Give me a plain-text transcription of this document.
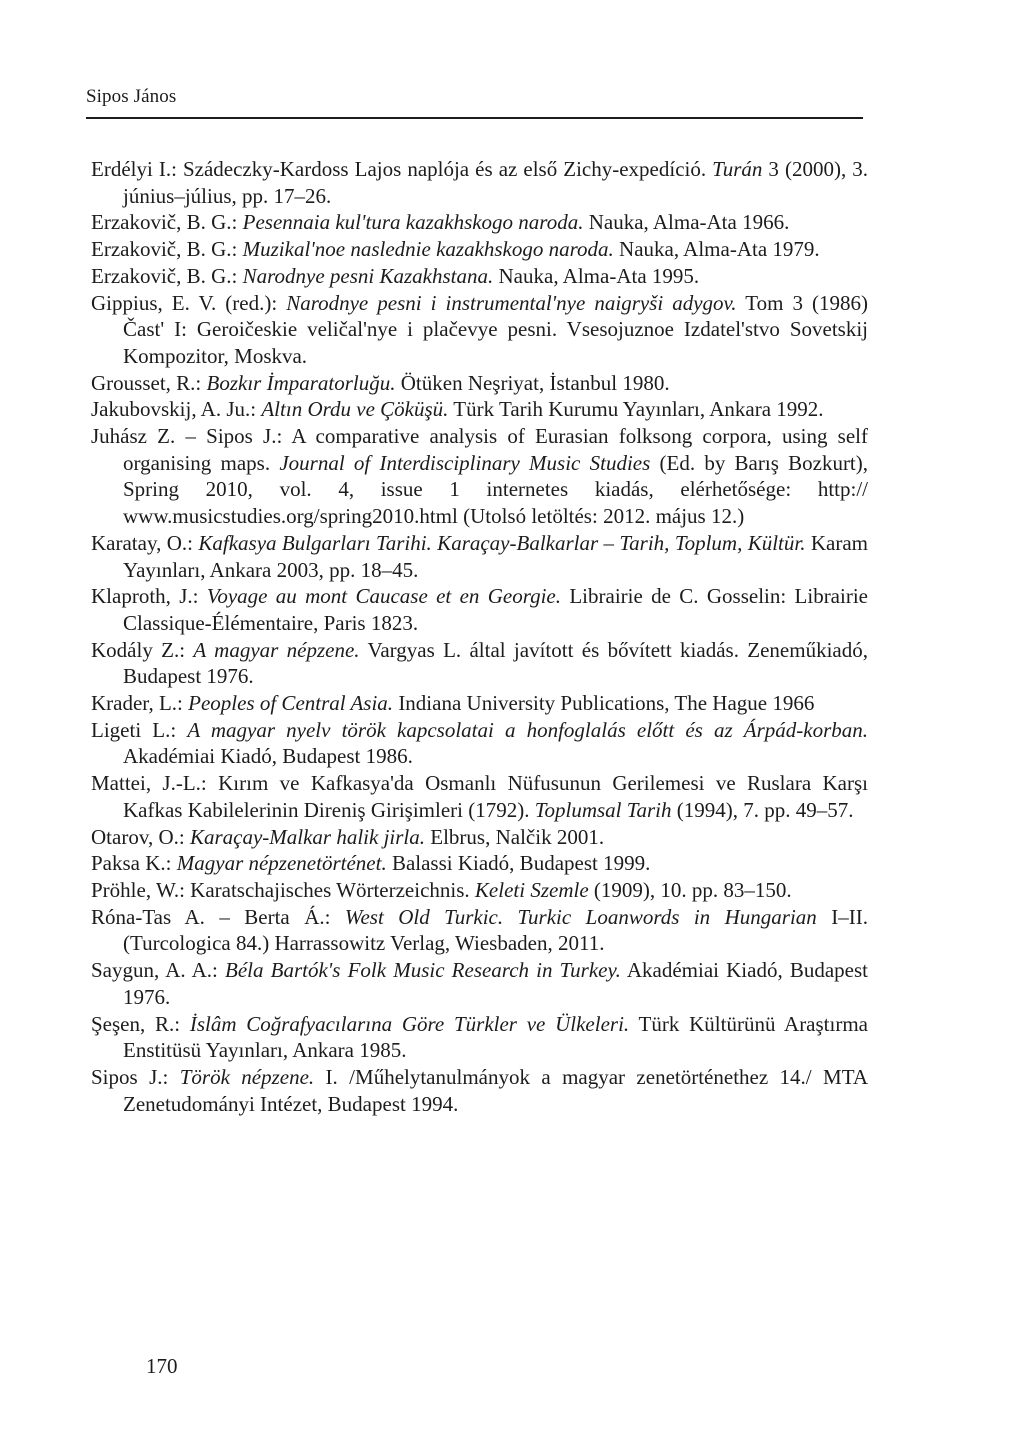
Sipos János
Erdélyi I.: Szádeczky-Kardoss Lajos naplója és az első Zichy-expedíció. Turán 3 (2000), 3. június–július, pp. 17–26.
Erzakovič, B. G.: Pesennaia kul'tura kazakhskogo naroda. Nauka, Alma-Ata 1966.
Erzakovič, B. G.: Muzikal'noe naslednie kazakhskogo naroda. Nauka, Alma-Ata 1979.
Erzakovič, B. G.: Narodnye pesni Kazakhstana. Nauka, Alma-Ata 1995.
Gippius, E. V. (red.): Narodnye pesni i instrumental'nye naigryši adygov. Tom 3 (1986) Čast' I: Geroičeskie veličal'nye i plačevye pesni. Vsesojuznoe Izdatel'stvo Sovetskij Kompozitor, Moskva.
Grousset, R.: Bozkır İmparatorluğu. Ötüken Neşriyat, İstanbul 1980.
Jakubovskij, A. Ju.: Altın Ordu ve Çöküşü. Türk Tarih Kurumu Yayınları, Ankara 1992.
Juhász Z. – Sipos J.: A comparative analysis of Eurasian folksong corpora, using self organising maps. Journal of Interdisciplinary Music Studies (Ed. by Barış Bozkurt), Spring 2010, vol. 4, issue 1 internetes kiadás, elérhetősége: http:// www.musicstudies.org/spring2010.html (Utolsó letöltés: 2012. május 12.)
Karatay, O.: Kafkasya Bulgarları Tarihi. Karaçay-Balkarlar – Tarih, Toplum, Kültür. Karam Yayınları, Ankara 2003, pp. 18–45.
Klaproth, J.: Voyage au mont Caucase et en Georgie. Librairie de C. Gosselin: Librairie Classique-Élémentaire, Paris 1823.
Kodály Z.: A magyar népzene. Vargyas L. által javított és bővített kiadás. Zeneműkiadó, Budapest 1976.
Krader, L.: Peoples of Central Asia. Indiana University Publications, The Hague 1966
Ligeti L.: A magyar nyelv török kapcsolatai a honfoglalás előtt és az Árpád-korban. Akadémiai Kiadó, Budapest 1986.
Mattei, J.-L.: Kırım ve Kafkasya'da Osmanlı Nüfusunun Gerilemesi ve Ruslara Karşı Kafkas Kabilelerinin Direniş Girişimleri (1792). Toplumsal Tarih (1994), 7. pp. 49–57.
Otarov, O.: Karaçay-Malkar halik jirla. Elbrus, Nalčik 2001.
Paksa K.: Magyar népzenetörténet. Balassi Kiadó, Budapest 1999.
Pröhle, W.: Karatschajisches Wörterzeichnis. Keleti Szemle (1909), 10. pp. 83–150.
Róna-Tas A. – Berta Á.: West Old Turkic. Turkic Loanwords in Hungarian I–II. (Turcologica 84.) Harrassowitz Verlag, Wiesbaden, 2011.
Saygun, A. A.: Béla Bartók's Folk Music Research in Turkey. Akadémiai Kiadó, Budapest 1976.
Şeşen, R.: İslâm Coğrafyacılarına Göre Türkler ve Ülkeleri. Türk Kültürünü Araştırma Enstitüsü Yayınları, Ankara 1985.
Sipos J.: Török népzene. I. /Műhelytanulmányok a magyar zenetörténethez 14./ MTA Zenetudományi Intézet, Budapest 1994.
170
